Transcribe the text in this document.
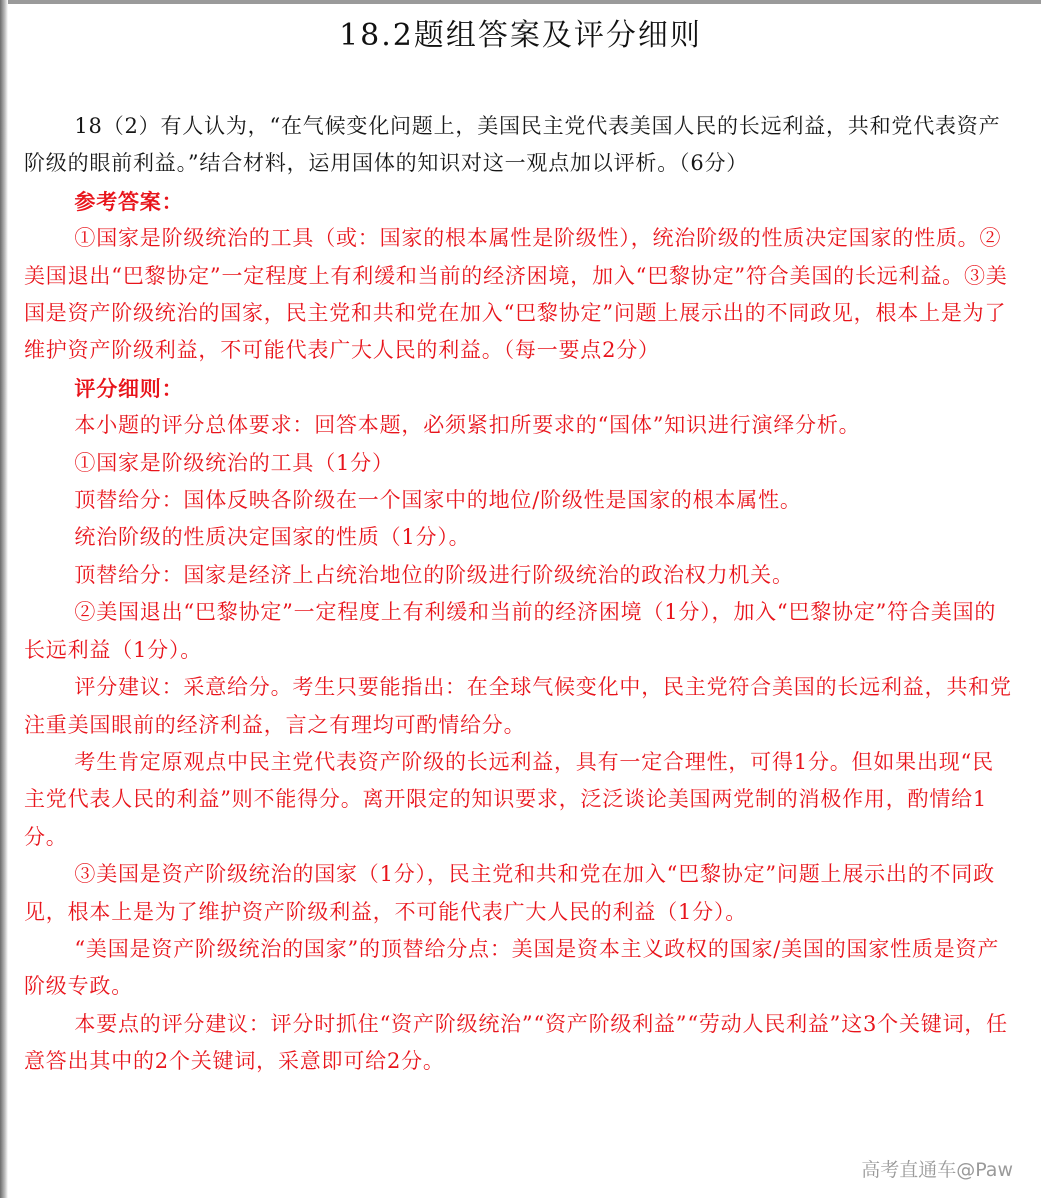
18.2题组答案及评分细则

18（2）有人认为，“在气候变化问题上，美国民主党代表美国人民的长远利益，共和党代表资产阶级的眼前利益。”结合材料，运用国体的知识对这一观点加以评析。（6分）

参考答案：

①国家是阶级统治的工具（或：国家的根本属性是阶级性），统治阶级的性质决定国家的性质。②美国退出“巴黎协定”一定程度上有利缓和当前的经济困境，加入“巴黎协定”符合美国的长远利益。③美国是资产阶级统治的国家，民主党和共和党在加入“巴黎协定”问题上展示出的不同政见，根本上是为了维护资产阶级利益，不可能代表广大人民的利益。（每一要点2分）

评分细则：

本小题的评分总体要求：回答本题，必须紧扣所要求的“国体”知识进行演绎分析。

①国家是阶级统治的工具（1分）

顶替给分：国体反映各阶级在一个国家中的地位/阶级性是国家的根本属性。

统治阶级的性质决定国家的性质（1分）。

顶替给分：国家是经济上占统治地位的阶级进行阶级统治的政治权力机关。

②美国退出“巴黎协定”一定程度上有利缓和当前的经济困境（1分），加入“巴黎协定”符合美国的长远利益（1分）。

评分建议：采意给分。考生只要能指出：在全球气候变化中，民主党符合美国的长远利益，共和党注重美国眼前的经济利益，言之有理均可酌情给分。

考生肯定原观点中民主党代表资产阶级的长远利益，具有一定合理性，可得1分。但如果出现“民主党代表人民的利益”则不能得分。离开限定的知识要求，泛泛谈论美国两党制的消极作用，酌情给1分。

③美国是资产阶级统治的国家（1分），民主党和共和党在加入“巴黎协定”问题上展示出的不同政见，根本上是为了维护资产阶级利益，不可能代表广大人民的利益（1分）。

“美国是资产阶级统治的国家”的顶替给分点：美国是资本主义政权的国家/美国的国家性质是资产阶级专政。

本要点的评分建议：评分时抓住“资产阶级统治”“资产阶级利益”“劳动人民利益”这3个关键词，任意答出其中的2个关键词，采意即可给2分。

高考直通车@Paw
